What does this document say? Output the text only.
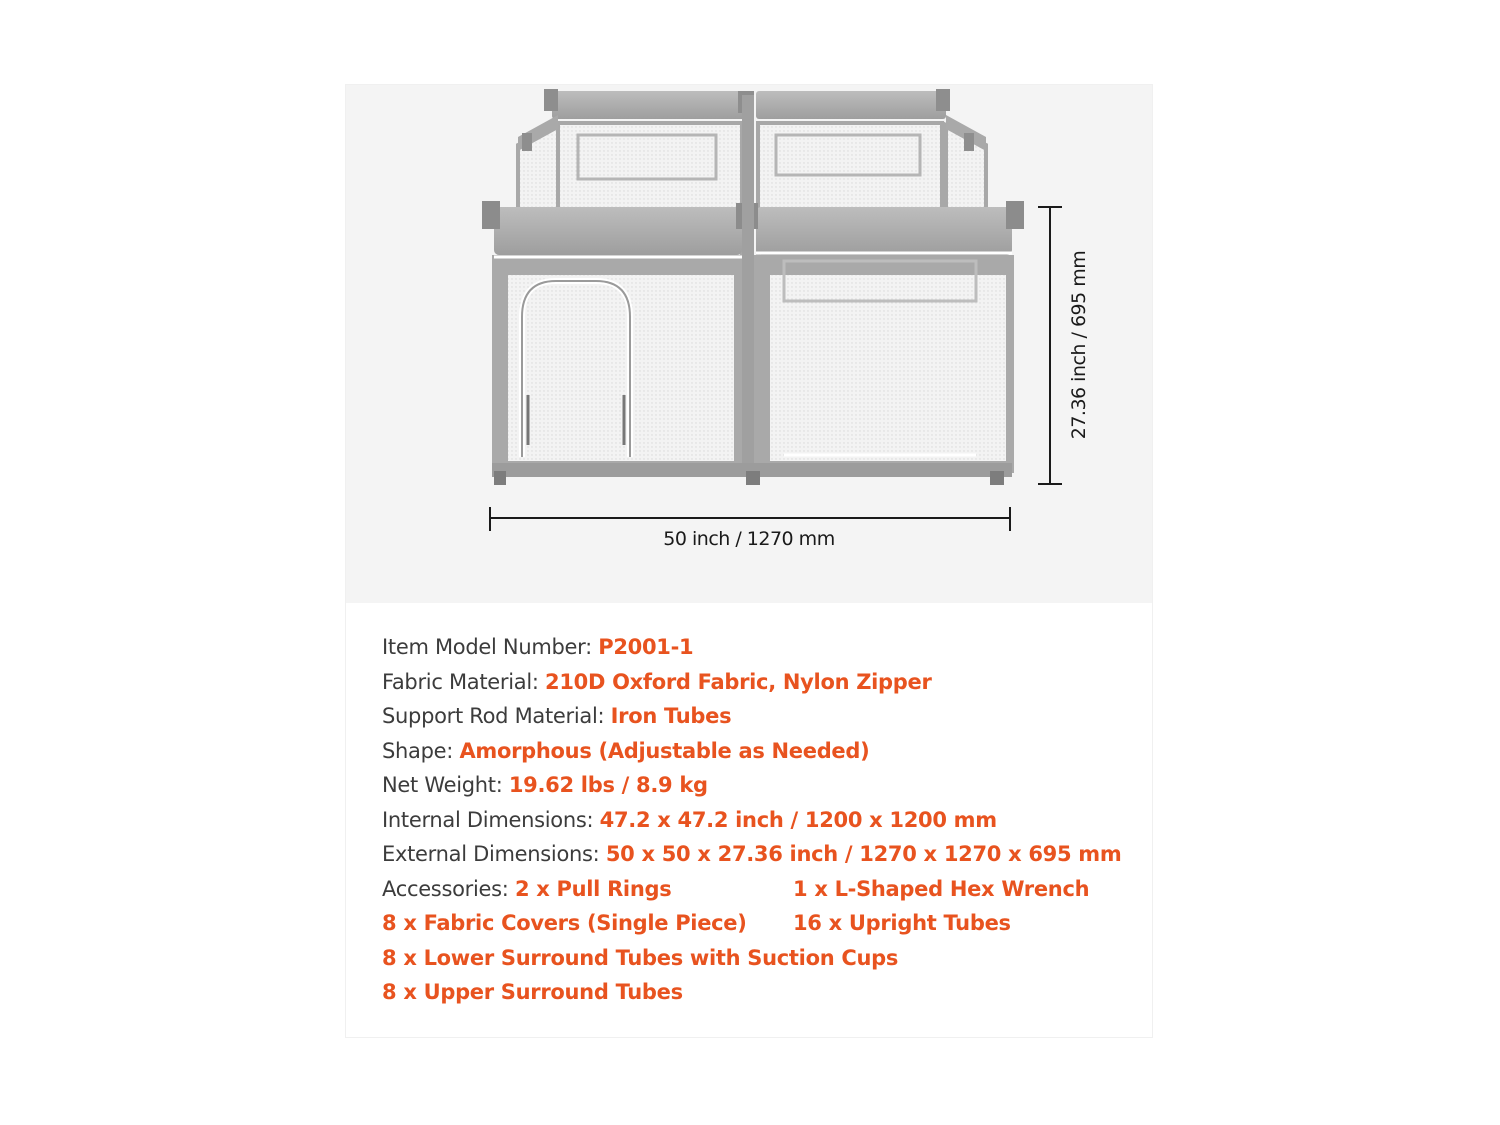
50 inch / 1270 mm
27.36 inch / 695 mm
Item Model Number: P2001-1
Fabric Material: 210D Oxford Fabric, Nylon Zipper
Support Rod Material: Iron Tubes
Shape: Amorphous (Adjustable as Needed)
Net Weight: 19.62 lbs / 8.9 kg
Internal Dimensions: 47.2 x 47.2 inch / 1200 x 1200 mm
External Dimensions: 50 x 50 x 27.36 inch / 1270 x 1270 x 695 mm
Accessories: 2 x Pull Rings	1 x L-Shaped Hex Wrench
8 x Fabric Covers (Single Piece) 16 x Upright Tubes
8 x Lower Surround Tubes with Suction Cups
8 x Upper Surround Tubes
